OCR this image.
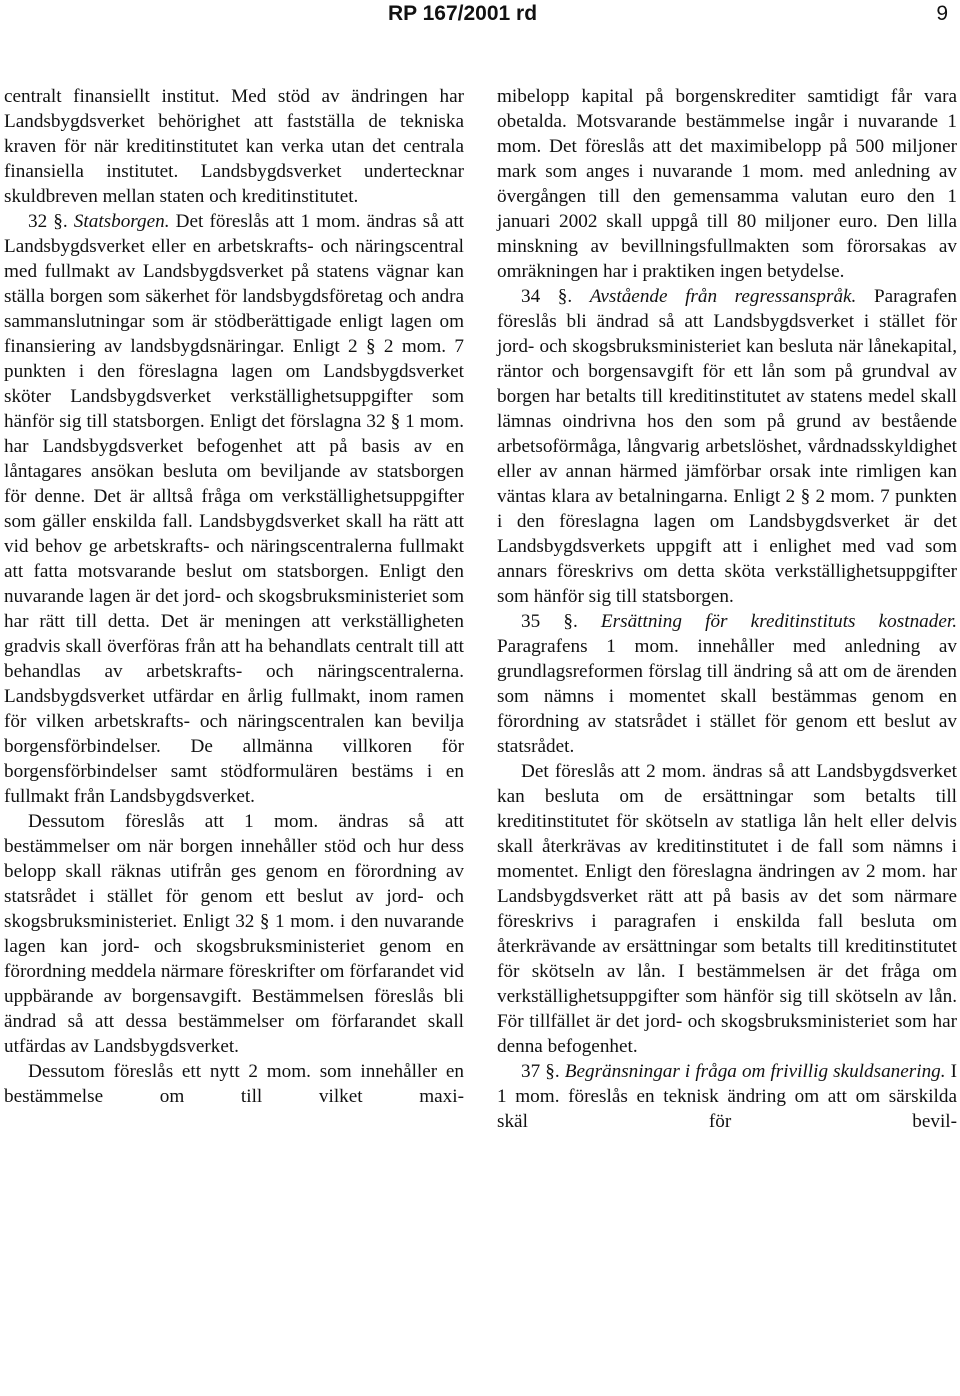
RP 167/2001 rd	9

centralt finansiellt institut. Med stöd av ändringen har Landsbygdsverket behörighet att fastställa de tekniska kraven för när kreditinstitutet kan verka utan det centrala finansiella institutet. Landsbygdsverket undertecknar skuldbreven mellan staten och kreditinstitutet.

32 §. Statsborgen. Det föreslås att 1 mom. ändras så att Landsbygdsverket eller en arbetskrafts- och näringscentral med fullmakt av Landsbygdsverket på statens vägnar kan ställa borgen som säkerhet för landsbygdsföretag och andra sammanslutningar som är stödberättigade enligt lagen om finansiering av landsbygdsnäringar. Enligt 2 § 2 mom. 7 punkten i den föreslagna lagen om Landsbygdsverket sköter Landsbygdsverket verkställighetsuppgifter som hänför sig till statsborgen. Enligt det förslagna 32 § 1 mom. har Landsbygdsverket befogenhet att på basis av en låntagares ansökan besluta om beviljande av statsborgen för denne. Det är alltså fråga om verkställighetsuppgifter som gäller enskilda fall. Landsbygdsverket skall ha rätt att vid behov ge arbetskrafts- och näringscentralerna fullmakt att fatta motsvarande beslut om statsborgen. Enligt den nuvarande lagen är det jord- och skogsbruksministeriet som har rätt till detta. Det är meningen att verkställigheten gradvis skall överföras från att ha behandlats centralt till att behandlas av arbetskrafts- och näringscentralerna. Landsbygdsverket utfärdar en årlig fullmakt, inom ramen för vilken arbetskrafts- och näringscentralen kan bevilja borgensförbindelser. De allmänna villkoren för borgensförbindelser samt stödformulären bestäms i en fullmakt från Landsbygdsverket.

Dessutom föreslås att 1 mom. ändras så att bestämmelser om när borgen innehåller stöd och hur dess belopp skall räknas utifrån ges genom en förordning av statsrådet i stället för genom ett beslut av jord- och skogsbruksministeriet. Enligt 32 § 1 mom. i den nuvarande lagen kan jord- och skogsbruksministeriet genom en förordning meddela närmare föreskrifter om förfarandet vid uppbärande av borgensavgift. Bestämmelsen föreslås bli ändrad så att dessa bestämmelser om förfarandet skall utfärdas av Landsbygdsverket.

Dessutom föreslås ett nytt 2 mom. som innehåller en bestämmelse om till vilket maxi-

mibelopp kapital på borgenskrediter samtidigt får vara obetalda. Motsvarande bestämmelse ingår i nuvarande 1 mom. Det föreslås att det maximibelopp på 500 miljoner mark som anges i nuvarande 1 mom. med anledning av övergången till den gemensamma valutan euro den 1 januari 2002 skall uppgå till 80 miljoner euro. Den lilla minskning av bevillningsfullmakten som förorsakas av omräkningen har i praktiken ingen betydelse.

34 §. Avstående från regressanspråk. Paragrafen föreslås bli ändrad så att Landsbygdsverket i stället för jord- och skogsbruksministeriet kan besluta när lånekapital, räntor och borgensavgift för ett lån som på grundval av borgen har betalts till kreditinstitutet av statens medel skall lämnas oindrivna hos den som på grund av bestående arbetsoförmåga, långvarig arbetslöshet, vårdnadsskyldighet eller av annan härmed jämförbar orsak inte rimligen kan väntas klara av betalningarna. Enligt 2 § 2 mom. 7 punkten i den föreslagna lagen om Landsbygdsverket är det Landsbygdsverkets uppgift att i enlighet med vad som annars föreskrivs om detta sköta verkställighetsuppgifter som hänför sig till statsborgen.

35 §. Ersättning för kreditinstituts kostnader. Paragrafens 1 mom. innehåller med anledning av grundlagsreformen förslag till ändring så att om de ärenden som nämns i momentet skall bestämmas genom en förordning av statsrådet i stället för genom ett beslut av statsrådet.

Det föreslås att 2 mom. ändras så att Landsbygdsverket kan besluta om de ersättningar som betalts till kreditinstitutet för skötseln av statliga lån helt eller delvis skall återkrävas av kreditinstitutet i de fall som nämns i momentet. Enligt den föreslagna ändringen av 2 mom. har Landsbygdsverket rätt att på basis av det som närmare föreskrivs i paragrafen i enskilda fall besluta om återkrävande av ersättningar som betalts till kreditinstitutet för skötseln av lån. I bestämmelsen är det fråga om verkställighetsuppgifter som hänför sig till skötseln av lån. För tillfället är det jord- och skogsbruksministeriet som har denna befogenhet.

37 §. Begränsningar i fråga om frivillig skuldsanering. I 1 mom. föreslås en teknisk ändring om att om särskilda skäl för bevil-
